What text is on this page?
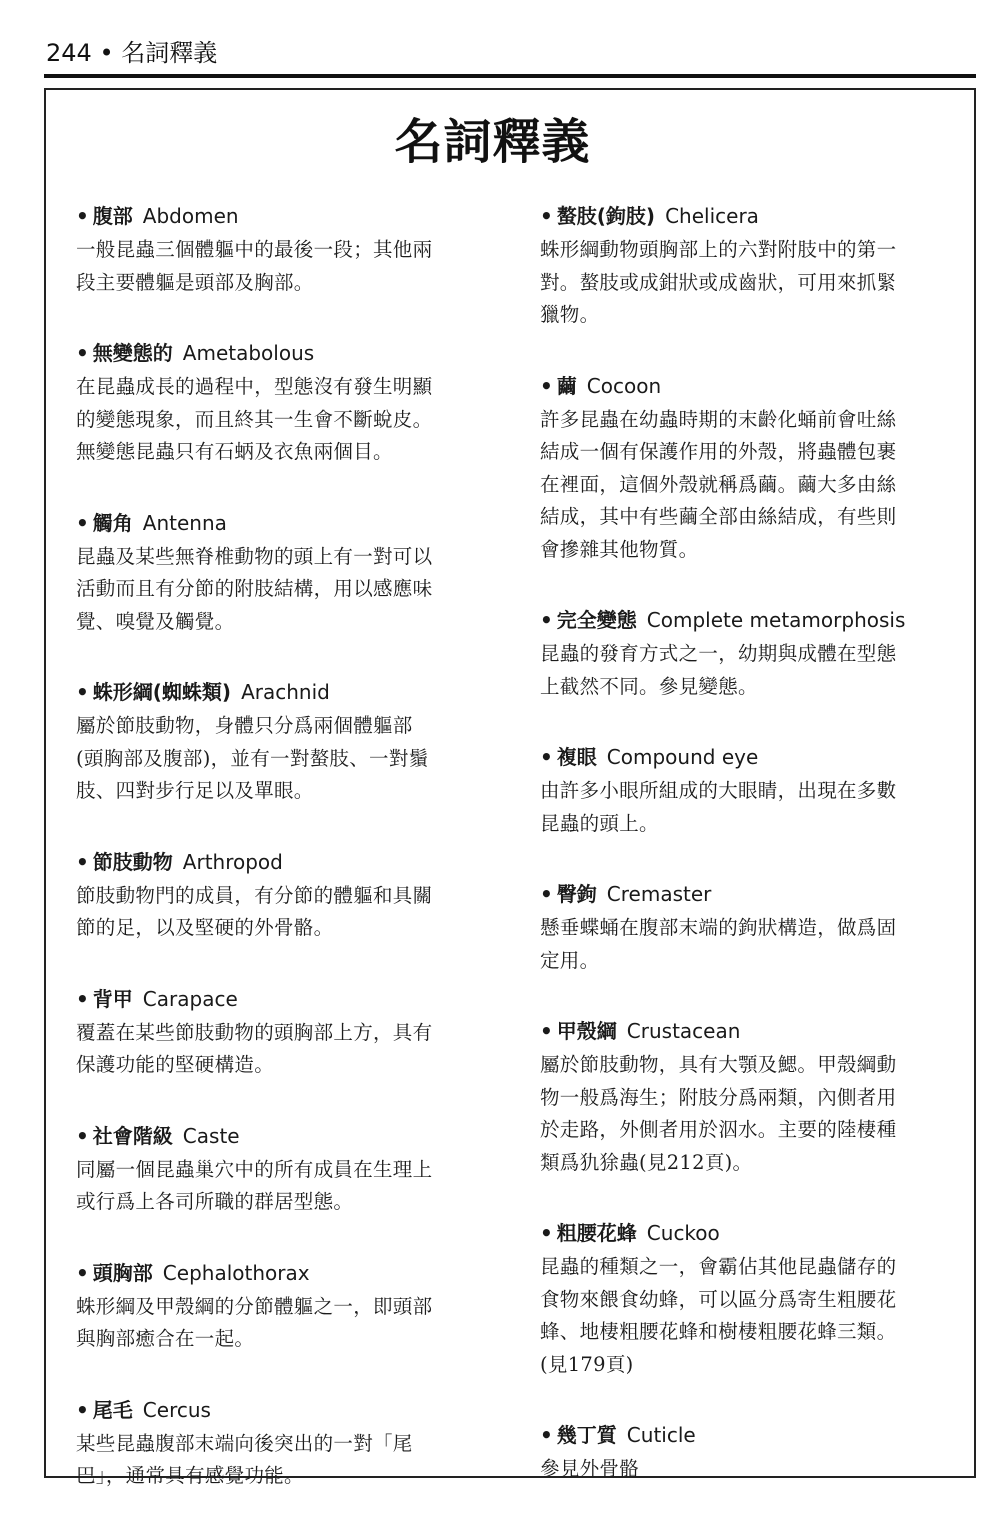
244 • 名詞釋義
名詞釋義
• 腹部 Abdomen
一般昆蟲三個體軀中的最後一段；其他兩
段主要體軀是頭部及胸部。
• 無變態的 Ametabolous
在昆蟲成長的過程中，型態沒有發生明顯
的變態現象，而且終其一生會不斷蛻皮。
無變態昆蟲只有石蛃及衣魚兩個目。
• 觸角 Antenna
昆蟲及某些無脊椎動物的頭上有一對可以
活動而且有分節的附肢結構，用以感應味
覺、嗅覺及觸覺。
• 蛛形綱(蜘蛛類) Arachnid
屬於節肢動物，身體只分爲兩個體軀部
(頭胸部及腹部)，並有一對螯肢、一對鬚
肢、四對步行足以及單眼。
• 節肢動物 Arthropod
節肢動物門的成員，有分節的體軀和具關
節的足，以及堅硬的外骨骼。
• 背甲 Carapace
覆蓋在某些節肢動物的頭胸部上方，具有
保護功能的堅硬構造。
• 社會階級 Caste
同屬一個昆蟲巢穴中的所有成員在生理上
或行爲上各司所職的群居型態。
• 頭胸部 Cephalothorax
蛛形綱及甲殼綱的分節體軀之一，即頭部
與胸部癒合在一起。
• 尾毛 Cercus
某些昆蟲腹部末端向後突出的一對「尾
巴」，通常具有感覺功能。
• 螯肢(鉤肢) Chelicera
蛛形綱動物頭胸部上的六對附肢中的第一
對。螯肢或成鉗狀或成齒狀，可用來抓緊
獵物。
• 繭 Cocoon
許多昆蟲在幼蟲時期的末齡化蛹前會吐絲
結成一個有保護作用的外殼，將蟲體包裹
在裡面，這個外殼就稱爲繭。繭大多由絲
結成，其中有些繭全部由絲結成，有些則
會摻雜其他物質。
• 完全變態 Complete metamorphosis
昆蟲的發育方式之一，幼期與成體在型態
上截然不同。參見變態。
• 複眼 Compound eye
由許多小眼所組成的大眼睛，出現在多數
昆蟲的頭上。
• 臀鉤 Cremaster
懸垂蝶蛹在腹部末端的鉤狀構造，做爲固
定用。
• 甲殼綱 Crustacean
屬於節肢動物，具有大顎及鰓。甲殼綱動
物一般爲海生；附肢分爲兩類，內側者用
於走路，外側者用於泅水。主要的陸棲種
類爲犰狳蟲(見212頁)。
• 粗腰花蜂 Cuckoo
昆蟲的種類之一，會霸佔其他昆蟲儲存的
食物來餵食幼蜂，可以區分爲寄生粗腰花
蜂、地棲粗腰花蜂和樹棲粗腰花蜂三類。
(見179頁)
• 幾丁質 Cuticle
參見外骨骼
